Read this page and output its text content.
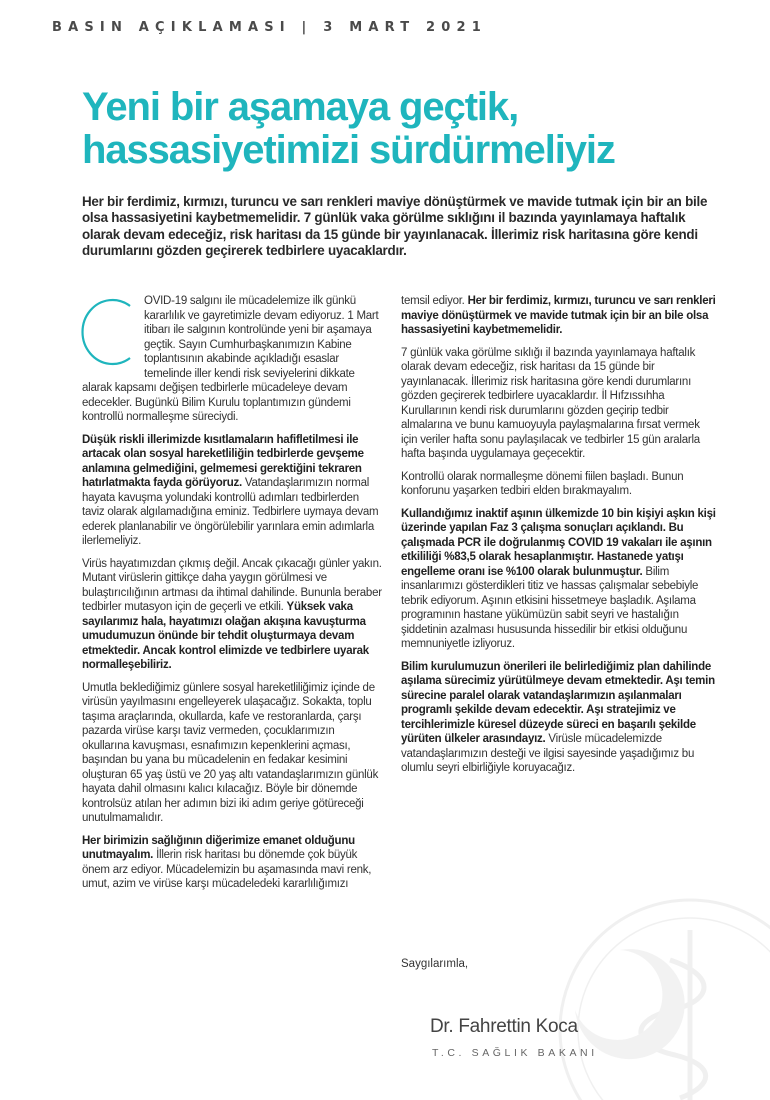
BASIN AÇIKLAMASI | 3 MART 2021
Yeni bir aşamaya geçtik,
hassasiyetimizi sürdürmeliyiz
Her bir ferdimiz, kırmızı, turuncu ve sarı renkleri maviye dönüştürmek ve mavide tutmak için bir an bile olsa hassasiyetini kaybetmemelidir. 7 günlük vaka görülme sıklığını il bazında yayınlamaya haftalık olarak devam edeceğiz, risk haritası da 15 günde bir yayınlanacak. İllerimiz risk haritasına göre kendi durumlarını gözden geçirerek tedbirlere uyacaklardır.

OVID-19 salgını ile mücadelemize ilk günkü kararlılık ve gayretimizle devam ediyoruz. 1 Mart itibarı ile salgının kontrolünde yeni bir aşamaya geçtik. Sayın Cumhurbaşkanımızın Kabine toplantısının akabinde açıkladığı esaslar temelinde iller kendi risk seviyelerini dikkate alarak kapsamı değişen tedbirlerle mücadeleye devam edecekler. Bugünkü Bilim Kurulu toplantımızın gündemi kontrollü normalleşme süreciydi.

Düşük riskli illerimizde kısıtlamaların hafifletilmesi ile artacak olan sosyal hareketliliğin tedbirlerde gevşeme anlamına gelmediğini, gelmemesi gerektiğini tekraren hatırlatmakta fayda görüyoruz. Vatandaşlarımızın normal hayata kavuşma yolundaki kontrollü adımları tedbirlerden taviz olarak algılamadığına eminiz. Tedbirlere uymaya devam ederek planlanabilir ve öngörülebilir yarınlara emin adımlarla ilerlemeliyiz.

Virüs hayatımızdan çıkmış değil. Ancak çıkacağı günler yakın. Mutant virüslerin gittikçe daha yaygın görülmesi ve bulaştırıcılığının artması da ihtimal dahilinde. Bununla beraber tedbirler mutasyon için de geçerli ve etkili. Yüksek vaka sayılarımız hala, hayatımızı olağan akışına kavuşturma umudumuzun önünde bir tehdit oluşturmaya devam etmektedir. Ancak kontrol elimizde ve tedbirlere uyarak normalleşebiliriz.

Umutla beklediğimiz günlere sosyal hareketliliğimiz içinde de virüsün yayılmasını engelleyerek ulaşacağız. Sokakta, toplu taşıma araçlarında, okullarda, kafe ve restoranlarda, çarşı pazarda virüse karşı taviz vermeden, çocuklarımızın okullarına kavuşması, esnafımızın kepenklerini açması, başından bu yana bu mücadelenin en fedakar kesimini oluşturan 65 yaş üstü ve 20 yaş altı vatandaşlarımızın günlük hayata dahil olmasını kalıcı kılacağız. Böyle bir dönemde kontrolsüz atılan her adımın bizi iki adım geriye götüreceği unutulmamalıdır.

Her birimizin sağlığının diğerimize emanet olduğunu unutmayalım. İllerin risk haritası bu dönemde çok büyük önem arz ediyor. Mücadelemizin bu aşamasında mavi renk, umut, azim ve virüse karşı mücadeledeki kararlılığımızı

temsil ediyor. Her bir ferdimiz, kırmızı, turuncu ve sarı renkleri maviye dönüştürmek ve mavide tutmak için bir an bile olsa hassasiyetini kaybetmemelidir.

7 günlük vaka görülme sıklığı il bazında yayınlamaya haftalık olarak devam edeceğiz, risk haritası da 15 günde bir yayınlanacak. İllerimiz risk haritasına göre kendi durumlarını gözden geçirerek tedbirlere uyacaklardır. İl Hıfzıssıhha Kurullarının kendi risk durumlarını gözden geçirip tedbir almalarına ve bunu kamuoyuyla paylaşmalarına fırsat vermek için veriler hafta sonu paylaşılacak ve tedbirler 15 gün aralarla hafta başında uygulamaya geçecektir.

Kontrollü olarak normalleşme dönemi fiilen başladı. Bunun konforunu yaşarken tedbiri elden bırakmayalım.

Kullandığımız inaktif aşının ülkemizde 10 bin kişiyi aşkın kişi üzerinde yapılan Faz 3 çalışma sonuçları açıklandı. Bu çalışmada PCR ile doğrulanmış COVID 19 vakaları ile aşının etkililiği %83,5 olarak hesaplanmıştır. Hastanede yatışı engelleme oranı ise %100 olarak bulunmuştur. Bilim insanlarımızı gösterdikleri titiz ve hassas çalışmalar sebebiyle tebrik ediyorum. Aşının etkisini hissetmeye başladık. Aşılama programının hastane yükümüzün sabit seyri ve hastalığın şiddetinin azalması hususunda hissedilir bir etkisi olduğunu memnuniyetle izliyoruz.

Bilim kurulumuzun önerileri ile belirlediğimiz plan dahilinde aşılama sürecimiz yürütülmeye devam etmektedir. Aşı temin sürecine paralel olarak vatandaşlarımızın aşılanmaları programlı şekilde devam edecektir. Aşı stratejimiz ve tercihlerimizle küresel düzeyde süreci en başarılı şekilde yürüten ülkeler arasındayız. Virüsle mücadelemizde vatandaşlarımızın desteği ve ilgisi sayesinde yaşadığımız bu olumlu seyri elbirliğiyle koruyacağız.

Saygılarımla,
Dr. Fahrettin Koca
T.C. SAĞLIK BAKANI
